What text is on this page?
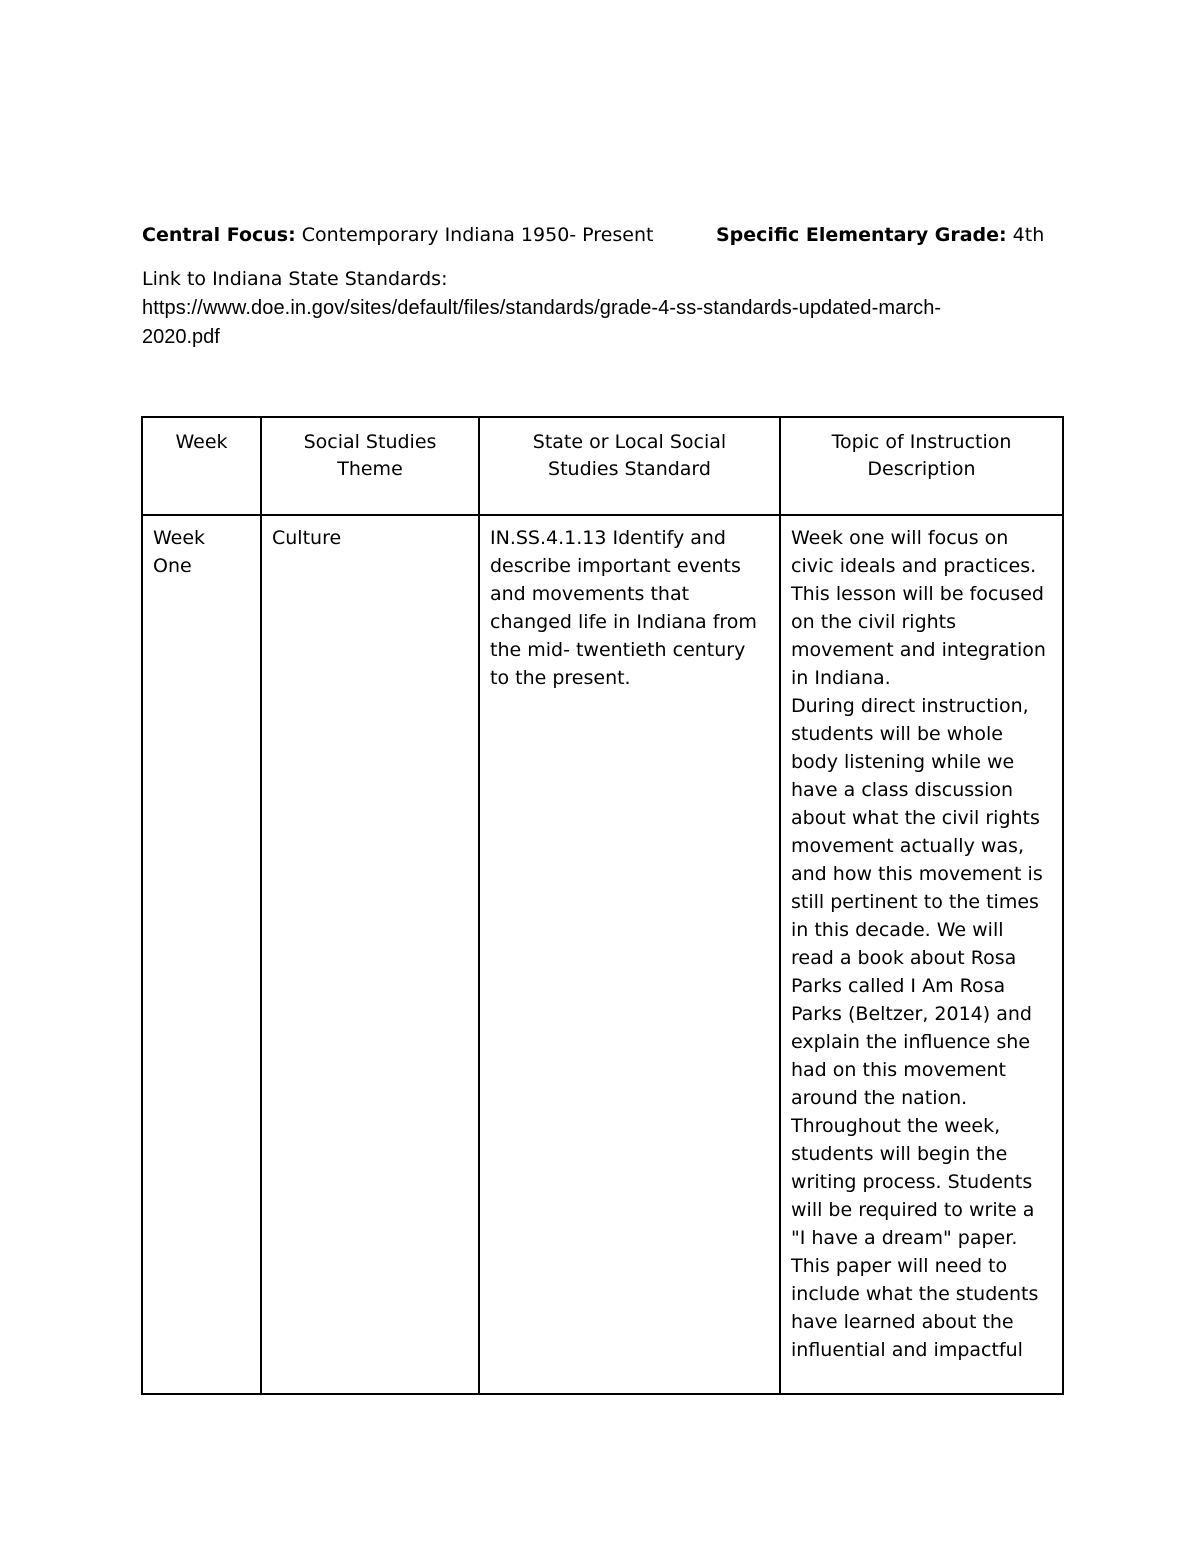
Central Focus: Contemporary Indiana 1950- Present	Specific Elementary Grade: 4th
Link to Indiana State Standards:
https://www.doe.in.gov/sites/default/files/standards/grade-4-ss-standards-updated-march-
2020.pdf
Week	Social Studies Theme	State or Local Social Studies Standard	Topic of Instruction Description
Week One	Culture	IN.SS.4.1.13 Identify and describe important events and movements that changed life in Indiana from the mid- twentieth century to the present.	Week one will focus on civic ideals and practices. This lesson will be focused on the civil rights movement and integration in Indiana.
During direct instruction, students will be whole body listening while we have a class discussion about what the civil rights movement actually was, and how this movement is still pertinent to the times in this decade. We will read a book about Rosa Parks called I Am Rosa Parks (Beltzer, 2014) and explain the influence she had on this movement around the nation. Throughout the week, students will begin the writing process. Students will be required to write a "I have a dream" paper. This paper will need to include what the students have learned about the influential and impactful
